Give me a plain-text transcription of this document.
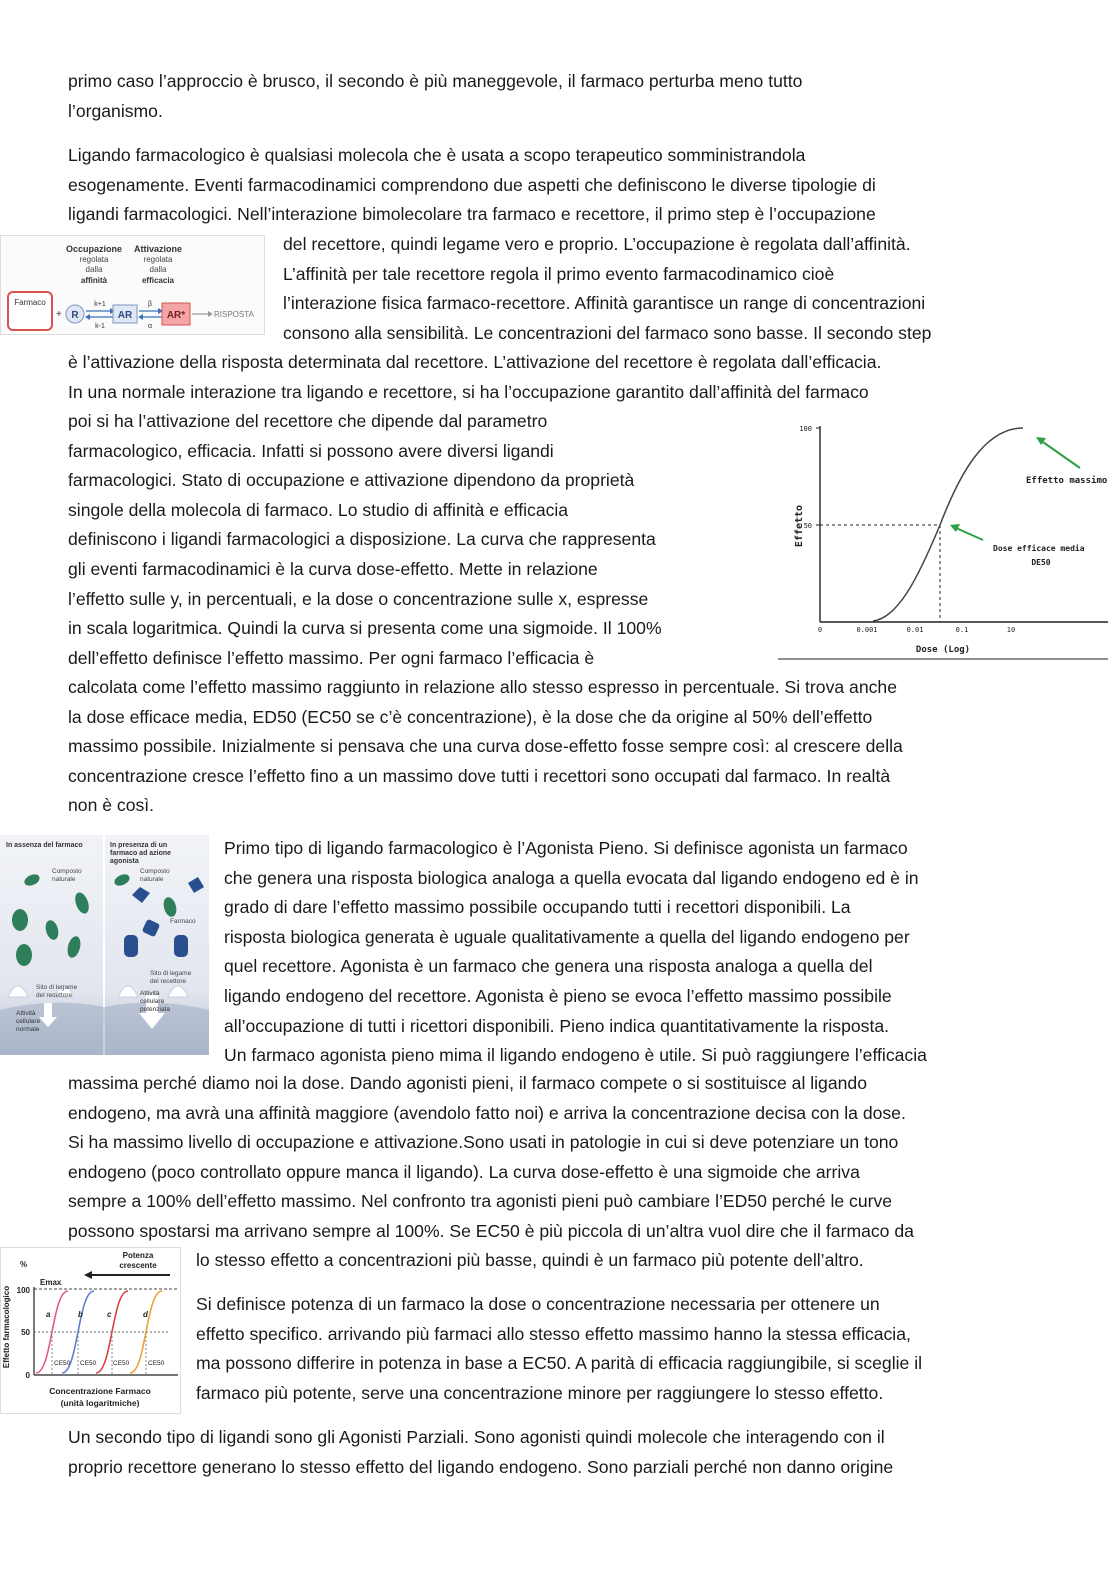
primo caso l’approccio è brusco, il secondo è più maneggevole, il farmaco perturba meno tutto
l’organismo.
Ligando farmacologico è qualsiasi molecola che è usata a scopo terapeutico somministrandola
esogenamente. Eventi farmacodinamici comprendono due aspetti che definiscono le diverse tipologie di
ligandi farmacologici. Nell’interazione bimolecolare tra farmaco e recettore, il primo step è l’occupazione
del recettore, quindi legame vero e proprio. L’occupazione è regolata dall’affinità.
L’affinità per tale recettore regola il primo evento farmacodinamico cioè
l’interazione fisica farmaco-recettore. Affinità garantisce un range di concentrazioni
consono alla sensibilità. Le concentrazioni del farmaco sono basse. Il secondo step
è l’attivazione della risposta determinata dal recettore. L’attivazione del recettore è regolata dall’efficacia.
In una normale interazione tra ligando e recettore, si ha l’occupazione garantito dall’affinità del farmaco
poi si ha l’attivazione del recettore che dipende dal parametro
farmacologico, efficacia. Infatti si possono avere diversi ligandi
farmacologici. Stato di occupazione e attivazione dipendono da proprietà
singole della molecola di farmaco. Lo studio di affinità e efficacia
definiscono i ligandi farmacologici a disposizione. La curva che rappresenta
gli eventi farmacodinamici è la curva dose-effetto. Mette in relazione
l’effetto sulle y, in percentuali, e la dose o concentrazione sulle x, espresse
in scala logaritmica. Quindi la curva si presenta come una sigmoide. Il 100%
dell’effetto definisce l’effetto massimo. Per ogni farmaco l’efficacia è
calcolata come l’effetto massimo raggiunto in relazione allo stesso espresso in percentuale. Si trova anche
la dose efficace media, ED50 (EC50 se c’è concentrazione), è la dose che da origine al 50% dell’effetto
massimo possibile. Inizialmente si pensava che una curva dose-effetto fosse sempre così: al crescere della
concentrazione cresce l’effetto fino a un massimo dove tutti i recettori sono occupati dal farmaco. In realtà
non è così.
Primo tipo di ligando farmacologico è l’Agonista Pieno. Si definisce agonista un farmaco
che genera una risposta biologica analoga a quella evocata dal ligando endogeno ed è in
grado di dare l’effetto massimo possibile occupando tutti i recettori disponibili. La
risposta biologica generata è uguale qualitativamente a quella del ligando endogeno per
quel recettore. Agonista è un farmaco che genera una risposta analoga a quella del
ligando endogeno del recettore. Agonista è pieno se evoca l’effetto massimo possibile
all’occupazione di tutti i ricettori disponibili. Pieno indica quantitativamente la risposta.
Un farmaco agonista pieno mima il ligando endogeno è utile. Si può raggiungere l’efficacia
massima perché diamo noi la dose. Dando agonisti pieni, il farmaco compete o si sostituisce al ligando
endogeno, ma avrà una affinità maggiore (avendolo fatto noi) e arriva la concentrazione decisa con la dose.
Si ha massimo livello di occupazione e attivazione.Sono usati in patologie in cui si deve potenziare un tono
endogeno (poco controllato oppure manca il ligando). La curva dose-effetto è una sigmoide che arriva
sempre a 100% dell’effetto massimo. Nel confronto tra agonisti pieni può cambiare l’ED50 perché le curve
possono spostarsi ma arrivano sempre al 100%. Se EC50 è più piccola di un’altra vuol dire che il farmaco da
lo stesso effetto a concentrazioni più basse, quindi è un farmaco più potente dell’altro.
Si definisce potenza di un farmaco la dose o concentrazione necessaria per ottenere un
effetto specifico. arrivando più farmaci allo stesso effetto massimo hanno la stessa efficacia,
ma possono differire in potenza in base a EC50. A parità di efficacia raggiungibile, si sceglie il
farmaco più potente, serve una concentrazione minore per raggiungere lo stesso effetto.
Un secondo tipo di ligandi sono gli Agonisti Parziali. Sono agonisti quindi molecole che interagendo con il
proprio recettore generano lo stesso effetto del ligando endogeno. Sono parziali perché non danno origine
Occupazione
regolata
dalla
affinità
Attivazione
regolata
dalla
efficacia
Farmaco
+ R
k+1
k-1
AR
β
α
AR*	RISPOSTA
100
50
Effetto
0	0.001	0.01	0.1	10
Dose (Log)
Effetto massimo
Dose efficace media
DE50
In assenza del farmaco	In presenza di un
farmaco ad azione
agonista
Composto
naturale
Composto
naturale
Farmaco
Sito di legame
del recettore
Sito di legame
del recettore
Attività
cellulare
normale
Attività
cellulare
potenziata
Effetto farmacologico
%
Potenza
crescente
Emax
100
50
0
a	b	c	d
CE50 CE50	CE50	CE50
Concentrazione Farmaco
(unità logaritmiche)
